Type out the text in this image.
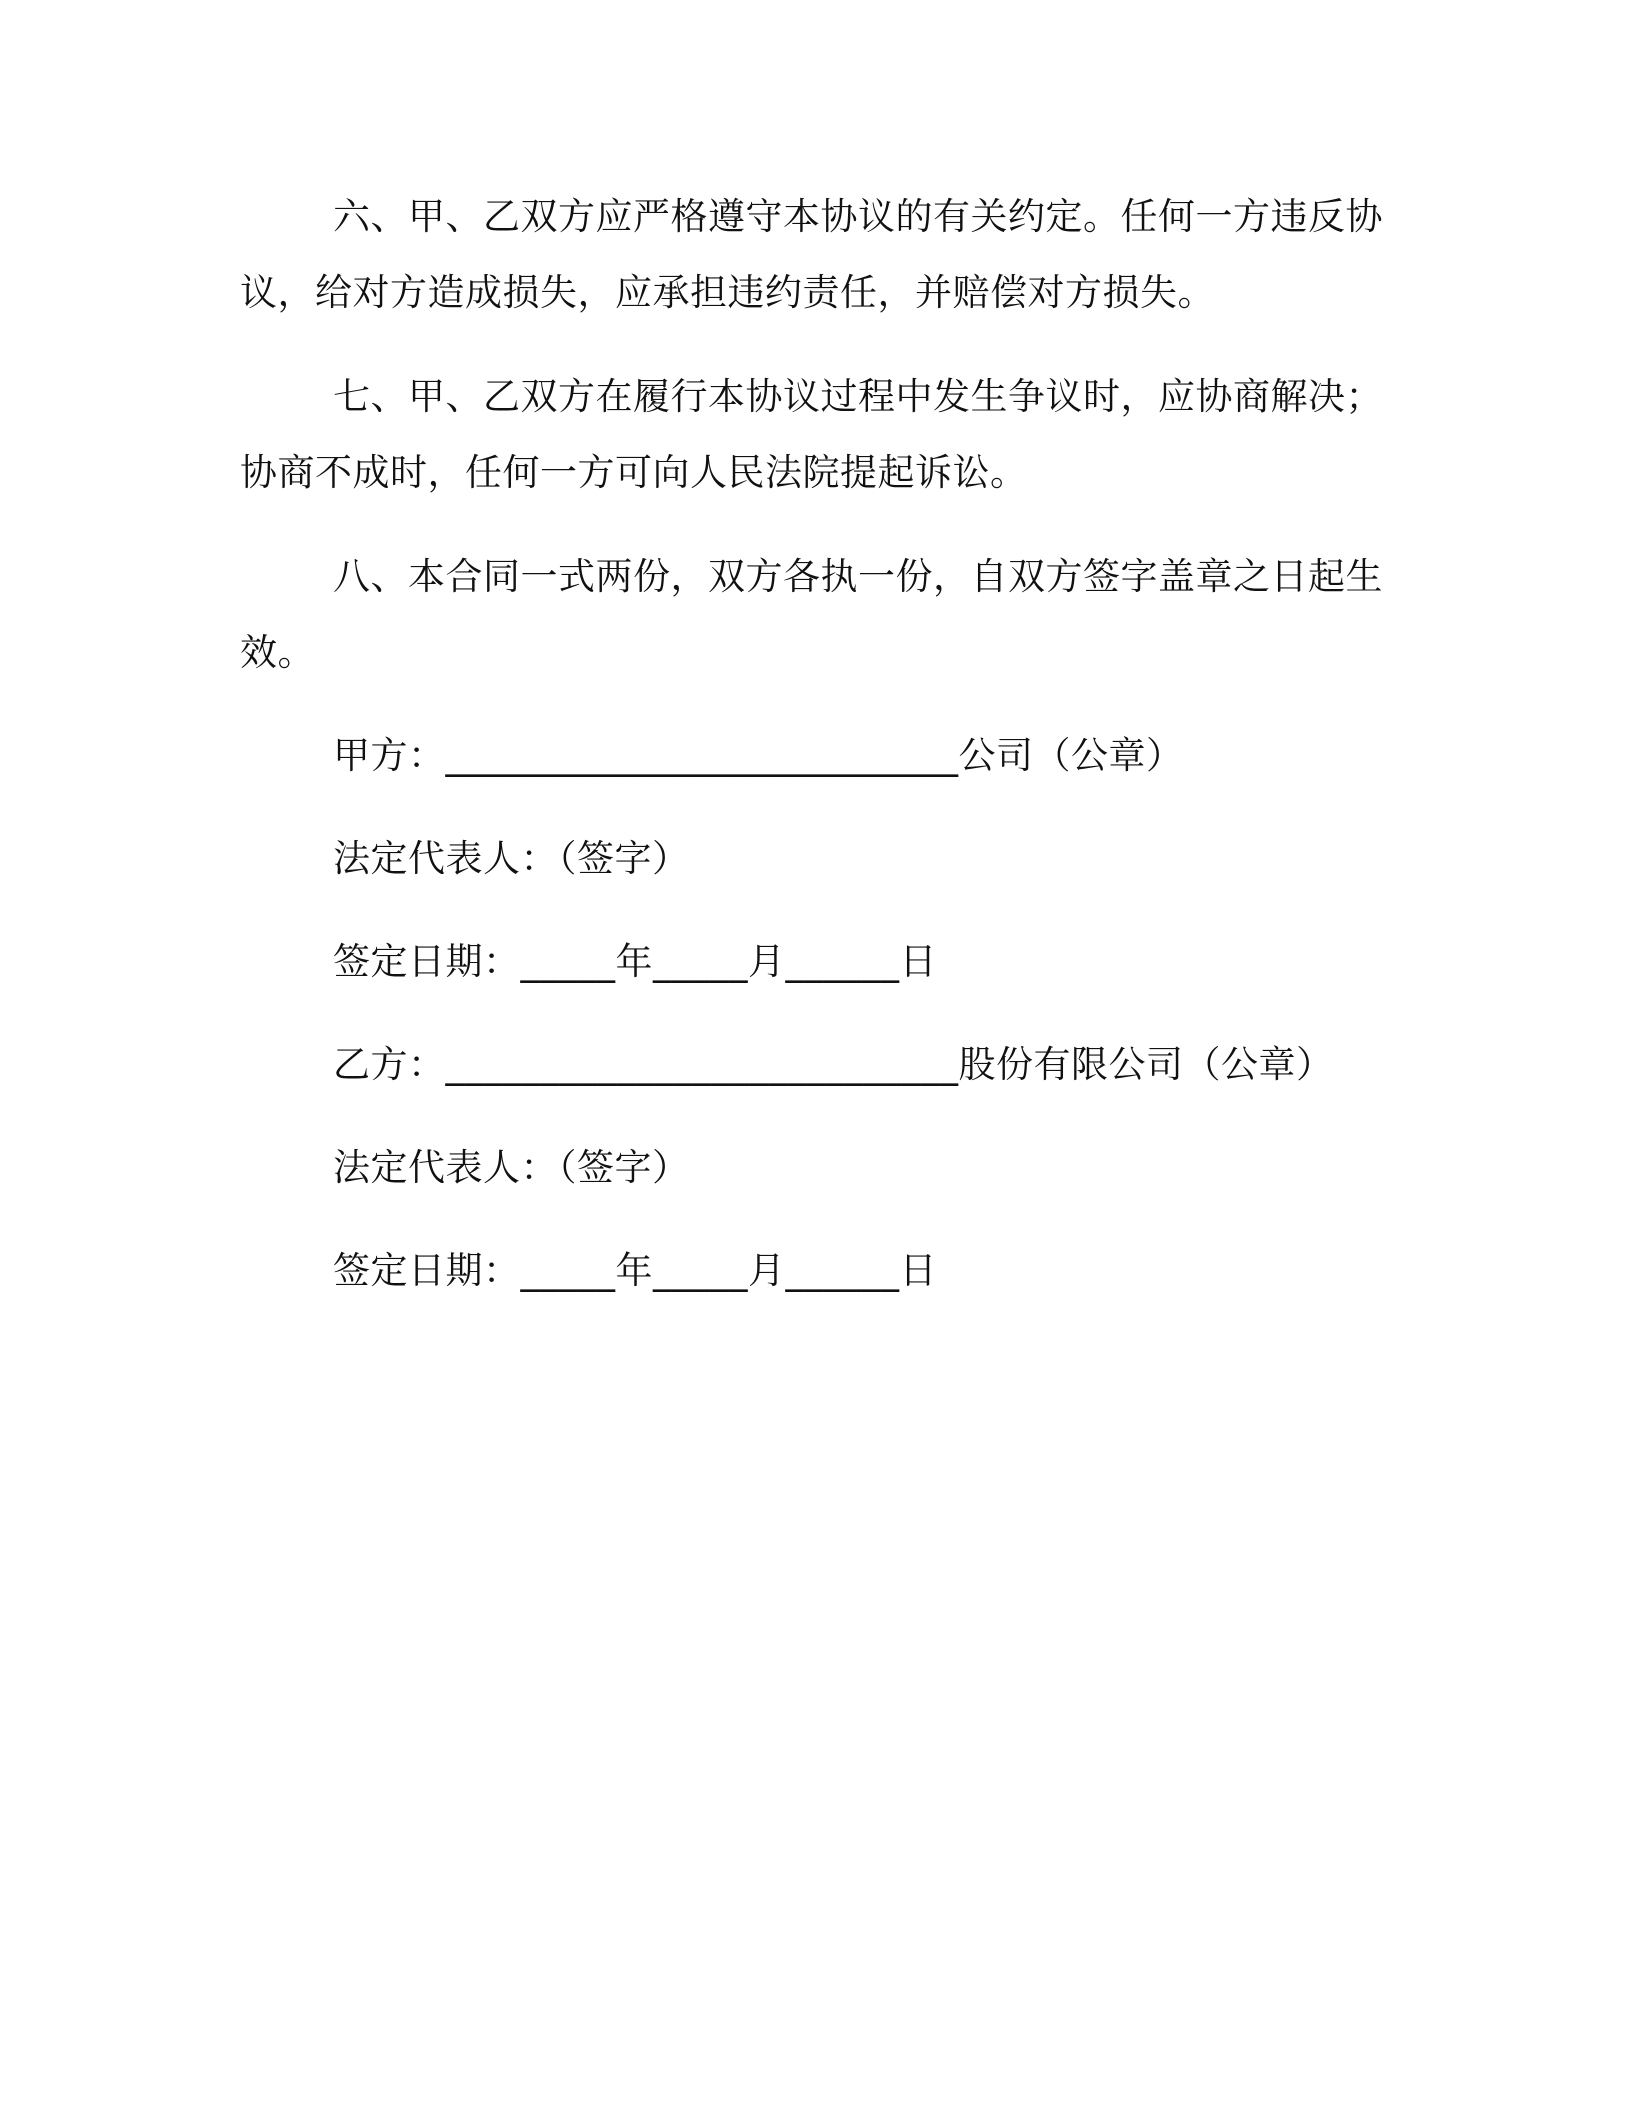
六、甲、乙双方应严格遵守本协议的有关约定。任何一方违反协

议，给对方造成损失，应承担违约责任，并赔偿对方损失。

七、甲、乙双方在履行本协议过程中发生争议时，应协商解决；

协商不成时，任何一方可向人民法院提起诉讼。

八、本合同一式两份，双方各执一份，自双方签字盖章之日起生

效。

甲方：___________________________公司（公章）

法定代表人：（签字）

签定日期：_____年_____月______日

乙方：___________________________股份有限公司（公章）

法定代表人：（签字）

签定日期：_____年_____月______日
